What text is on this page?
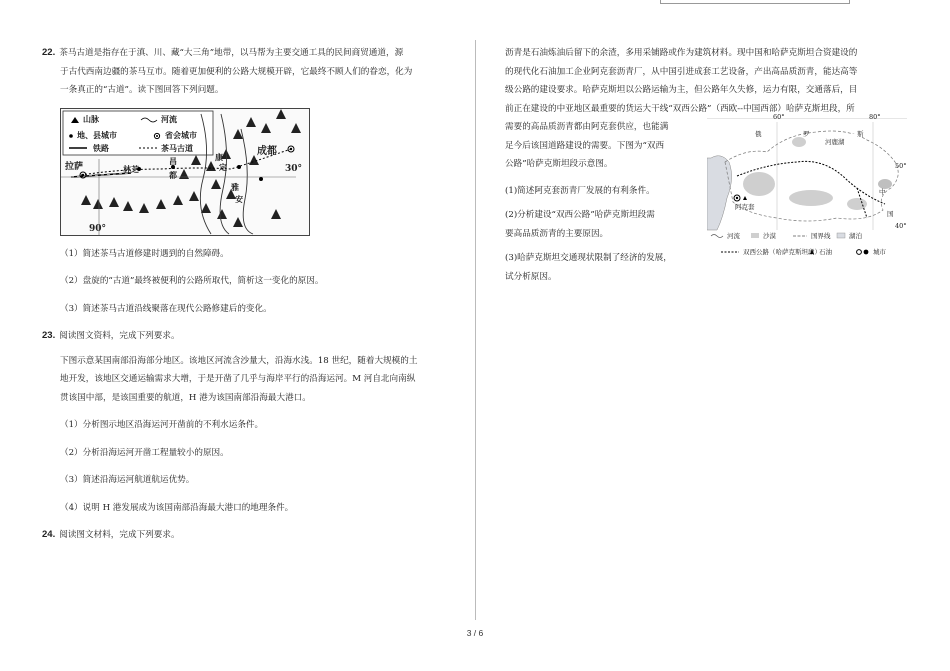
22. 茶马古道是指存在于滇、川、藏“大三角”地带，以马帮为主要交通工具的民间商贸通道，源
于古代西南边疆的茶马互市。随着更加便利的公路大规模开辟，它最终不顾人们的眷恋，化为
一条真正的“古道”。读下图回答下列问题。
山脉	河流
地、县城市	省会城市
铁路	茶马古道	成都
康
定
雅
安
拉萨	林芝
昌
都
30°
90°
（1）简述茶马古道修建时遇到的自然障碍。
（2）盘旋的“古道”最终被便利的公路所取代，简析这一变化的原因。
（3）简述茶马古道沿线聚落在现代公路修建后的变化。
23. 阅读图文资料，完成下列要求。
下图示意某国南部沿海部分地区。该地区河流含沙量大，沿海水浅。18 世纪，随着大规模的土
地开发，该地区交通运输需求大增，于是开凿了几乎与海岸平行的沿海运河。M 河自北向南纵
贯该国中部，是该国重要的航道，H 港为该国南部沿海最大港口。
（1）分析图示地区沿海运河开凿前的不利水运条件。
（2）分析沿海运河开凿工程量较小的原因。
（3）简述沿海运河航道航运优势。
（4）说明 H 港发展成为该国南部沿海最大港口的地理条件。
24. 阅读图文材料，完成下列要求。
沥青是石油炼油后留下的余渣，多用采铺路或作为建筑材料。现中国和哈萨克斯坦合资建设的
的现代化石油加工企业阿克套沥青厂，从中国引进成套工艺设备，产出高品质沥青，能达高等
级公路的建设要求。哈萨克斯坦以公路运输为主，但公路年久失修，运力有限，交通落后，目
前正在建设的中亚地区最重要的货运大干线“双西公路”（西欧--中国西部）哈萨克斯坦段，所
需要的高品质沥青都由阿克套供应，也能满
足今后该国道路建设的需要。下图为“双西
公路”哈萨克斯坦段示意图。
(1)简述阿克套沥青厂发展的有利条件。
(2)分析建设“双西公路”哈萨克斯坦段需
要高品质沥青的主要原因。
(3)哈萨克斯坦交通现状限制了经济的发展，
试分析原因。
60°	80°
50°
40°
俄	罗	斯
中
国
河鹿湖
阿克套
河流	沙漠	国界线	湖泊
双西公路（哈萨克斯坦段）
石油	城市
3 / 6
